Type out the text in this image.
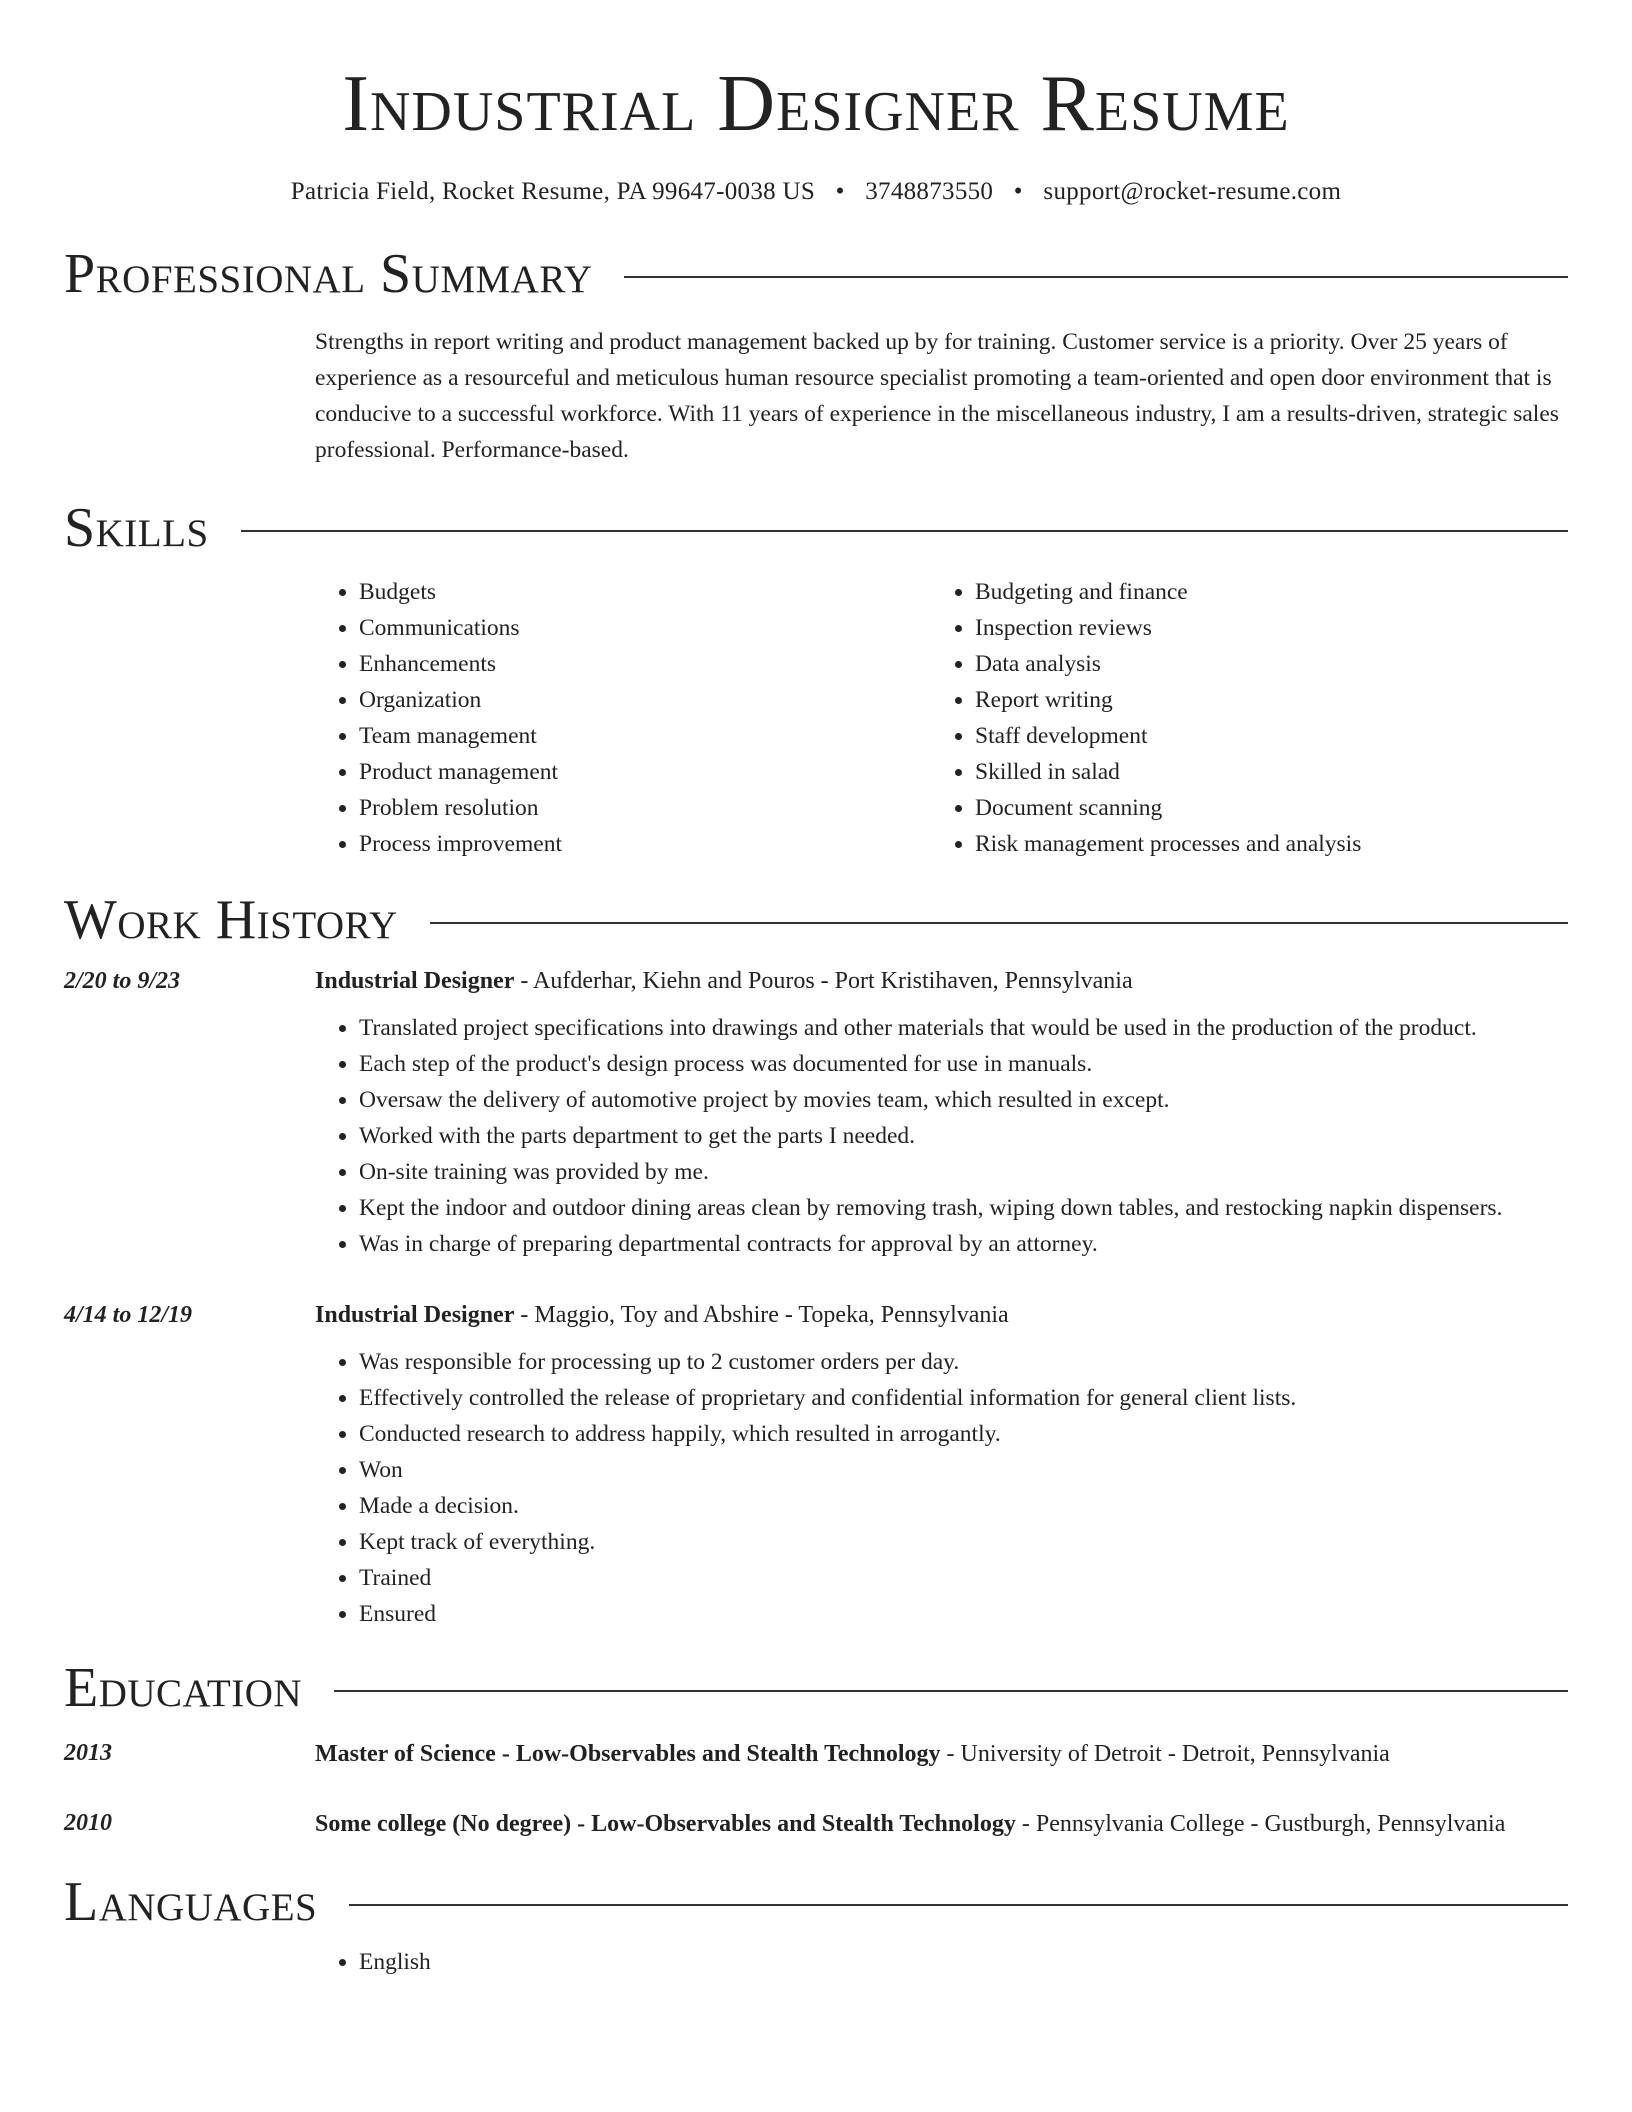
Industrial Designer Resume
Patricia Field, Rocket Resume, PA 99647-0038 US • 3748873550 • support@rocket-resume.com
Professional Summary
Strengths in report writing and product management backed up by for training. Customer service is a priority. Over 25 years of experience as a resourceful and meticulous human resource specialist promoting a team-oriented and open door environment that is conducive to a successful workforce. With 11 years of experience in the miscellaneous industry, I am a results-driven, strategic sales professional. Performance-based.
Skills
• Budgets
• Communications
• Enhancements
• Organization
• Team management
• Product management
• Problem resolution
• Process improvement
• Budgeting and finance
• Inspection reviews
• Data analysis
• Report writing
• Staff development
• Skilled in salad
• Document scanning
• Risk management processes and analysis
Work History
2/20 to 9/23	Industrial Designer - Aufderhar, Kiehn and Pouros - Port Kristihaven, Pennsylvania
• Translated project specifications into drawings and other materials that would be used in the production of the product.
• Each step of the product's design process was documented for use in manuals.
• Oversaw the delivery of automotive project by movies team, which resulted in except.
• Worked with the parts department to get the parts I needed.
• On-site training was provided by me.
• Kept the indoor and outdoor dining areas clean by removing trash, wiping down tables, and restocking napkin dispensers.
• Was in charge of preparing departmental contracts for approval by an attorney.
4/14 to 12/19	Industrial Designer - Maggio, Toy and Abshire - Topeka, Pennsylvania
• Was responsible for processing up to 2 customer orders per day.
• Effectively controlled the release of proprietary and confidential information for general client lists.
• Conducted research to address happily, which resulted in arrogantly.
• Won
• Made a decision.
• Kept track of everything.
• Trained
• Ensured
Education
2013	Master of Science - Low-Observables and Stealth Technology - University of Detroit - Detroit, Pennsylvania
2010	Some college (No degree) - Low-Observables and Stealth Technology - Pennsylvania College - Gustburgh, Pennsylvania
Languages
• English
